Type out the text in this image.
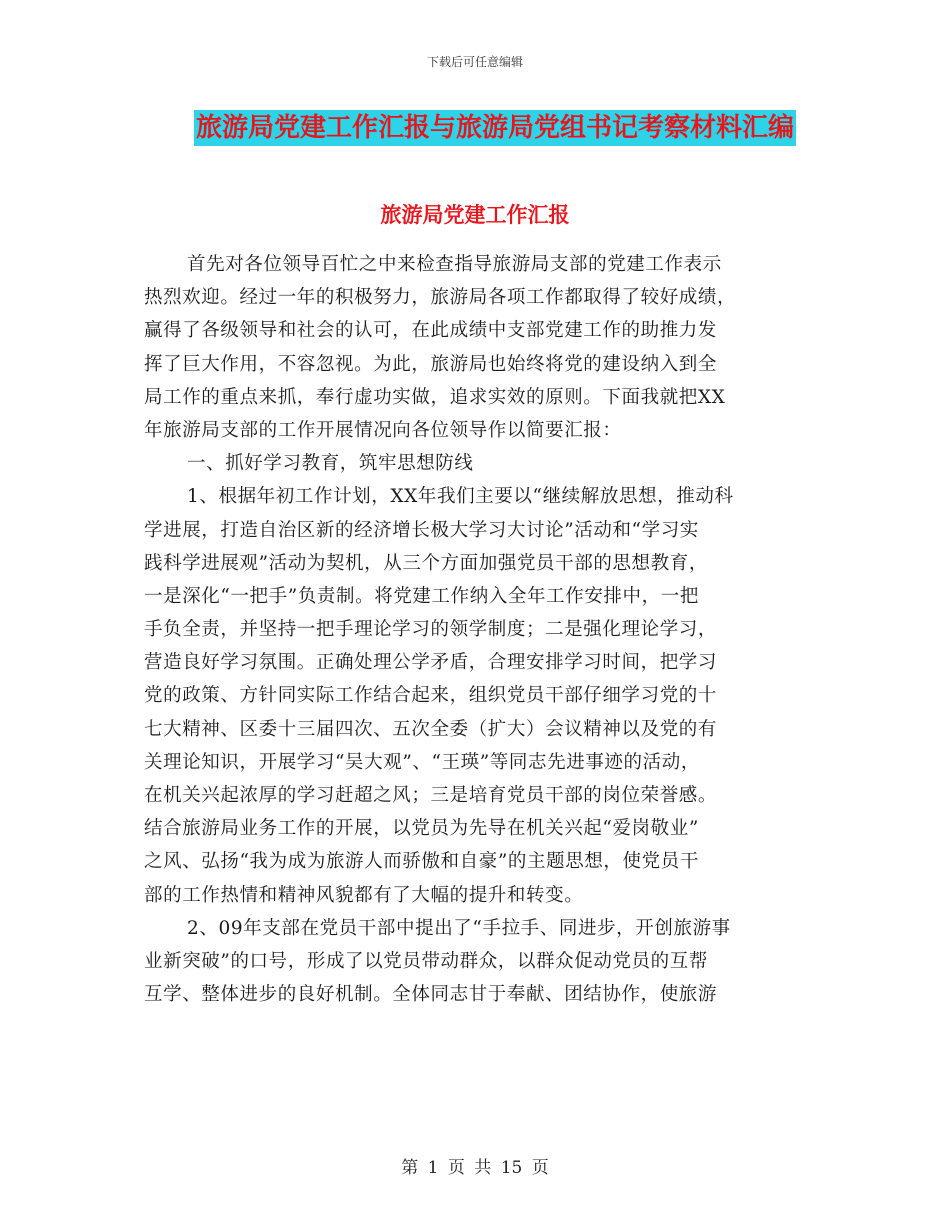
下载后可任意编辑
旅游局党建工作汇报与旅游局党组书记考察材料汇编
旅游局党建工作汇报
首先对各位领导百忙之中来检查指导旅游局支部的党建工作表示
热烈欢迎。经过一年的积极努力，旅游局各项工作都取得了较好成绩，
赢得了各级领导和社会的认可，在此成绩中支部党建工作的助推力发
挥了巨大作用，不容忽视。为此，旅游局也始终将党的建设纳入到全
局工作的重点来抓，奉行虚功实做，追求实效的原则。下面我就把XX
年旅游局支部的工作开展情况向各位领导作以简要汇报：
一、抓好学习教育，筑牢思想防线
1、根据年初工作计划，XX年我们主要以“继续解放思想，推动科
学进展，打造自治区新的经济增长极大学习大讨论”活动和“学习实
践科学进展观”活动为契机，从三个方面加强党员干部的思想教育，
一是深化“一把手”负责制。将党建工作纳入全年工作安排中，一把
手负全责，并坚持一把手理论学习的领学制度；二是强化理论学习，
营造良好学习氛围。正确处理公学矛盾，合理安排学习时间，把学习
党的政策、方针同实际工作结合起来，组织党员干部仔细学习党的十
七大精神、区委十三届四次、五次全委（扩大）会议精神以及党的有
关理论知识，开展学习“吴大观”、“王瑛”等同志先进事迹的活动，
在机关兴起浓厚的学习赶超之风；三是培育党员干部的岗位荣誉感。
结合旅游局业务工作的开展，以党员为先导在机关兴起“爱岗敬业”
之风、弘扬“我为成为旅游人而骄傲和自豪”的主题思想，使党员干
部的工作热情和精神风貌都有了大幅的提升和转变。
2、09年支部在党员干部中提出了“手拉手、同进步，开创旅游事
业新突破”的口号，形成了以党员带动群众，以群众促动党员的互帮
互学、整体进步的良好机制。全体同志甘于奉献、团结协作，使旅游
第 1 页 共 15 页
